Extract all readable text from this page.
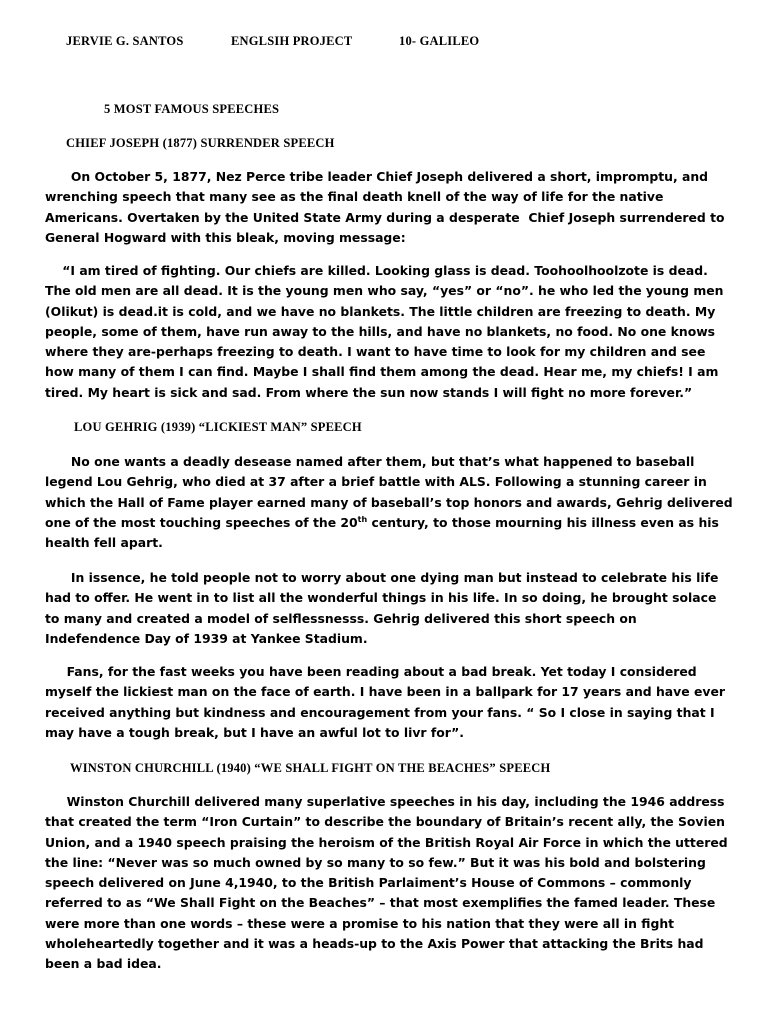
JERVIE G. SANTOS	ENGLSIH PROJECT	10- GALILEO
5 MOST FAMOUS SPEECHES
CHIEF JOSEPH (1877) SURRENDER SPEECH
On October 5, 1877, Nez Perce tribe leader Chief Joseph delivered a short, impromptu, and
wrenching speech that many see as the final death knell of the way of life for the native
Americans. Overtaken by the United State Army during a desperate  Chief Joseph surrendered to
General Hogward with this bleak, moving message:
“I am tired of fighting. Our chiefs are killed. Looking glass is dead. Toohoolhoolzote is dead.
The old men are all dead. It is the young men who say, “yes” or “no”. he who led the young men
(Olikut) is dead.it is cold, and we have no blankets. The little children are freezing to death. My
people, some of them, have run away to the hills, and have no blankets, no food. No one knows
where they are-perhaps freezing to death. I want to have time to look for my children and see
how many of them I can find. Maybe I shall find them among the dead. Hear me, my chiefs! I am
tired. My heart is sick and sad. From where the sun now stands I will fight no more forever.”
LOU GEHRIG (1939) “LICKIEST MAN” SPEECH
No one wants a deadly desease named after them, but that’s what happened to baseball
legend Lou Gehrig, who died at 37 after a brief battle with ALS. Following a stunning career in
which the Hall of Fame player earned many of baseball’s top honors and awards, Gehrig delivered
one of the most touching speeches of the 20th century, to those mourning his illness even as his
health fell apart.
In issence, he told people not to worry about one dying man but instead to celebrate his life
had to offer. He went in to list all the wonderful things in his life. In so doing, he brought solace
to many and created a model of selflessnesss. Gehrig delivered this short speech on
Indefendence Day of 1939 at Yankee Stadium.
Fans, for the fast weeks you have been reading about a bad break. Yet today I considered
myself the lickiest man on the face of earth. I have been in a ballpark for 17 years and have ever
received anything but kindness and encouragement from your fans. “ So I close in saying that I
may have a tough break, but I have an awful lot to livr for”.
WINSTON CHURCHILL (1940) “WE SHALL FIGHT ON THE BEACHES” SPEECH
Winston Churchill delivered many superlative speeches in his day, including the 1946 address
that created the term “Iron Curtain” to describe the boundary of Britain’s recent ally, the Sovien
Union, and a 1940 speech praising the heroism of the British Royal Air Force in which the uttered
the line: “Never was so much owned by so many to so few.” But it was his bold and bolstering
speech delivered on June 4,1940, to the British Parlaiment’s House of Commons – commonly
referred to as “We Shall Fight on the Beaches” – that most exemplifies the famed leader. These
were more than one words – these were a promise to his nation that they were all in fight
wholeheartedly together and it was a heads-up to the Axis Power that attacking the Brits had
been a bad idea.
